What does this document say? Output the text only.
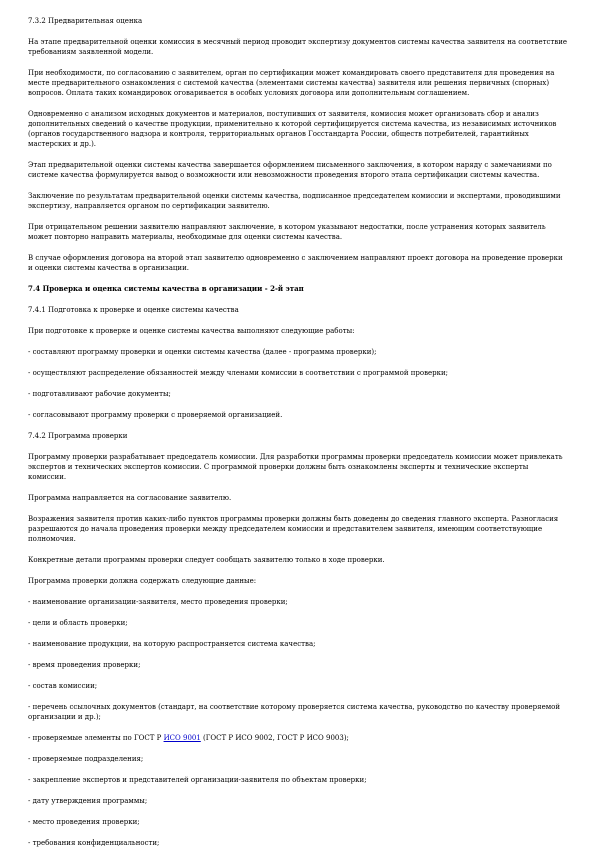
7.3.2 Предварительная оценка

На этапе предварительной оценки комиссия в месячный период проводит экспертизу документов системы качества заявителя на соответствие требованиям заявленной модели.

При необходимости, по согласованию с заявителем, орган по сертификации может командировать своего представителя для проведения на месте предварительного ознакомления с системой качества (элементами системы качества) заявителя или решения первичных (спорных) вопросов. Оплата таких командировок оговаривается в особых условиях договора или дополнительным соглашением.

Одновременно с анализом исходных документов и материалов, поступивших от заявителя, комиссия может организовать сбор и анализ дополнительных сведений о качестве продукции, применительно к которой сертифицируется система качества, из независимых источников (органов государственного надзора и контроля, территориальных органов Госстандарта России, обществ потребителей, гарантийных мастерских и др.).

Этап предварительной оценки системы качества завершается оформлением письменного заключения, в котором наряду с замечаниями по системе качества формулируется вывод о возможности или невозможности проведения второго этапа сертификации системы качества.

Заключение по результатам предварительной оценки системы качества, подписанное председателем комиссии и экспертами, проводившими экспертизу, направляется органом по сертификации заявителю.

При отрицательном решении заявителю направляют заключение, в котором указывают недостатки, после устранения которых заявитель может повторно направить материалы, необходимые для оценки системы качества.

В случае оформления договора на второй этап заявителю одновременно с заключением направляют проект договора на проведение проверки и оценки системы качества в организации.

7.4 Проверка и оценка системы качества в организации - 2-й этап

7.4.1 Подготовка к проверке и оценке системы качества

При подготовке к проверке и оценке системы качества выполняют следующие работы:

- составляют программу проверки и оценки системы качества (далее - программа проверки);

- осуществляют распределение обязанностей между членами комиссии в соответствии с программой проверки;

- подготавливают рабочие документы;

- согласовывают программу проверки с проверяемой организацией.

7.4.2 Программа проверки

Программу проверки разрабатывает председатель комиссии. Для разработки программы проверки председатель комиссии может привлекать экспертов и технических экспертов комиссии. С программой проверки должны быть ознакомлены эксперты и технические эксперты комиссии.

Программа направляется на согласование заявителю.

Возражения заявителя против каких-либо пунктов программы проверки должны быть доведены до сведения главного эксперта. Разногласия разрешаются до начала проведения проверки между председателем комиссии и представителем заявителя, имеющим соответствующие полномочия.

Конкретные детали программы проверки следует сообщать заявителю только в ходе проверки.

Программа проверки должна содержать следующие данные:

- наименование организации-заявителя, место проведения проверки;

- цели и область проверки;

- наименование продукции, на которую распространяется система качества;

- время проведения проверки;

- состав комиссии;

- перечень ссылочных документов (стандарт, на соответствие которому проверяется система качества, руководство по качеству проверяемой организации и др.);

- проверяемые элементы по ГОСТ Р ИСО 9001 (ГОСТ Р ИСО 9002, ГОСТ Р ИСО 9003);

- проверяемые подразделения;

- закрепление экспертов и представителей организации-заявителя по объектам проверки;

- дату утверждения программы;

- место проведения проверки;

- требования конфиденциальности;
